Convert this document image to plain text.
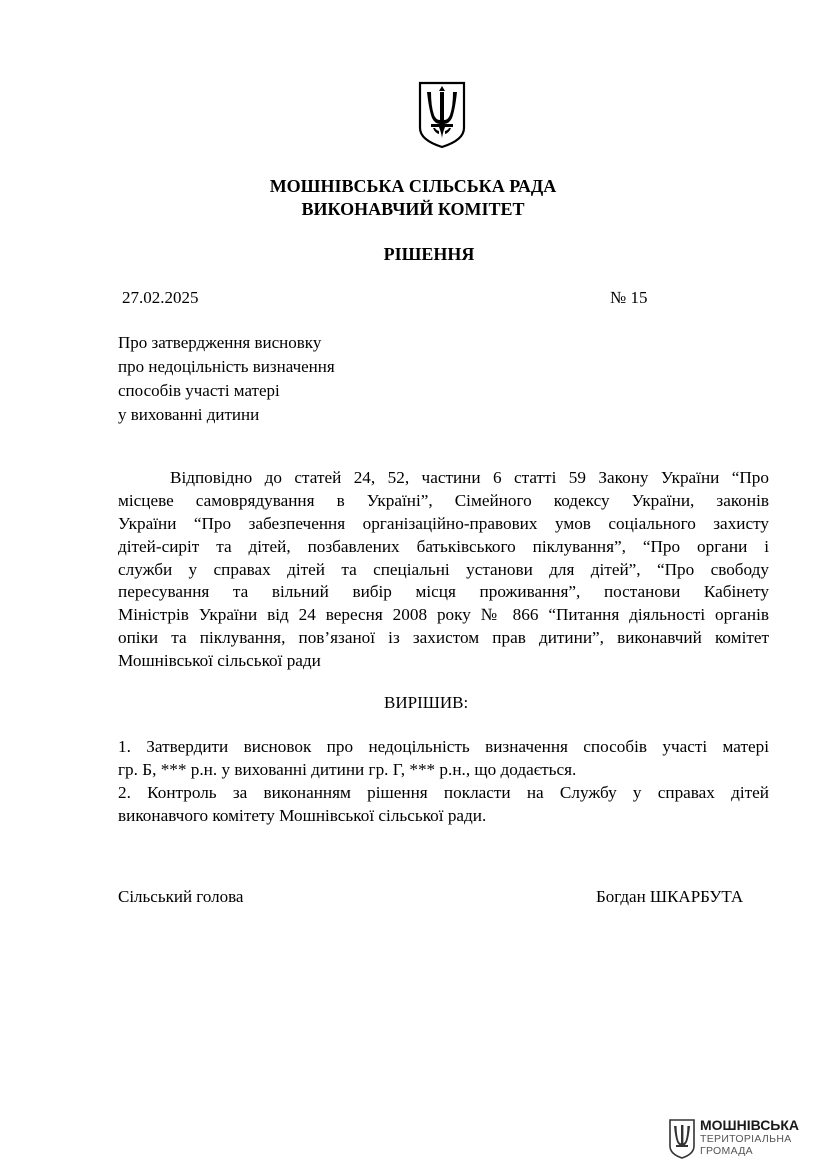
МОШНІВСЬКА СІЛЬСЬКА РАДА
ВИКОНАВЧИЙ КОМІТЕТ
РІШЕННЯ
27.02.2025	№ 15
Про затвердження висновку
про недоцільність визначення
способів участі матері
у вихованні дитини
Відповідно до статей 24, 52, частини 6 статті 59 Закону України “Про
місцеве самоврядування в Україні”, Сімейного кодексу України, законів
України “Про забезпечення організаційно-правових умов соціального захисту
дітей-сиріт та дітей, позбавлених батьківського піклування”, “Про органи і
служби у справах дітей та спеціальні установи для дітей”, “Про свободу
пересування та вільний вибір місця проживання”, постанови Кабінету
Міністрів України від 24 вересня 2008 року № 866 “Питання діяльності органів
опіки та піклування, пов’язаної із захистом прав дитини”, виконавчий комітет
Мошнівської сільської ради
ВИРІШИВ:
1. Затвердити висновок про недоцільність визначення способів участі матері
гр. Б, *** р.н. у вихованні дитини гр. Г, *** р.н., що додається.
2. Контроль за виконанням рішення покласти на Службу у справах дітей
виконавчого комітету Мошнівської сільської ради.
Сільський голова	Богдан ШКАРБУТА
МОШНІВСЬКА
ТЕРИТОРІАЛЬНА
ГРОМАДА
